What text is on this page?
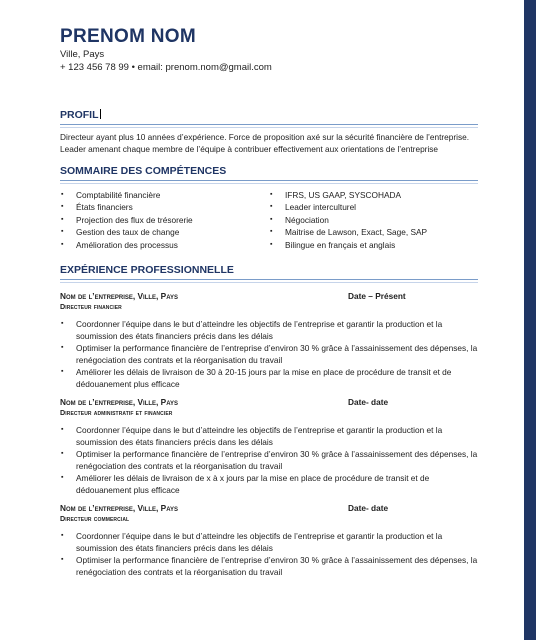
PRENOM NOM
Ville, Pays
+ 123 456 78 99 • email: prenom.nom@gmail.com
PROFIL
Directeur ayant plus 10 années d’expérience. Force de proposition axé sur la sécurité financière de l’entreprise. Leader amenant chaque membre de l’équipe à contribuer effectivement aux orientations de l’entreprise
SOMMAIRE DES COMPÉTENCES
▪ Comptabilité financière
▪ États financiers
▪ Projection des flux de trésorerie
▪ Gestion des taux de change
▪ Amélioration des processus
▪ IFRS, US GAAP, SYSCOHADA
▪ Leader interculturel
▪ Négociation
▪ Maitrise de Lawson, Exact, Sage, SAP
▪ Bilingue en français et anglais
EXPÉRIENCE PROFESSIONNELLE
Nom de l’entreprise, Ville, Pays	Date – Présent
Directeur financier
▪ Coordonner l’équipe dans le but d’atteindre les objectifs de l’entreprise et garantir la production et la soumission des états financiers précis dans les délais
▪ Optimiser la performance financière de l’entreprise d’environ 30 % grâce à l’assainissement des dépenses, la renégociation des contrats et la réorganisation du travail
▪ Améliorer les délais de livraison de 30 à 20-15 jours par la mise en place de procédure de transit et de dédouanement plus efficace
Nom de l’entreprise, Ville, Pays	Date- date
Directeur administratif et financier
▪ Coordonner l’équipe dans le but d’atteindre les objectifs de l’entreprise et garantir la production et la soumission des états financiers précis dans les délais
▪ Optimiser la performance financière de l’entreprise d’environ 30 % grâce à l’assainissement des dépenses, la renégociation des contrats et la réorganisation du travail
▪ Améliorer les délais de livraison de x à x jours par la mise en place de procédure de transit et de dédouanement plus efficace
Nom de l’entreprise, Ville, Pays	Date- date
Directeur commercial
▪ Coordonner l’équipe dans le but d’atteindre les objectifs de l’entreprise et garantir la production et la soumission des états financiers précis dans les délais
▪ Optimiser la performance financière de l’entreprise d’environ 30 % grâce à l’assainissement des dépenses, la renégociation des contrats et la réorganisation du travail
